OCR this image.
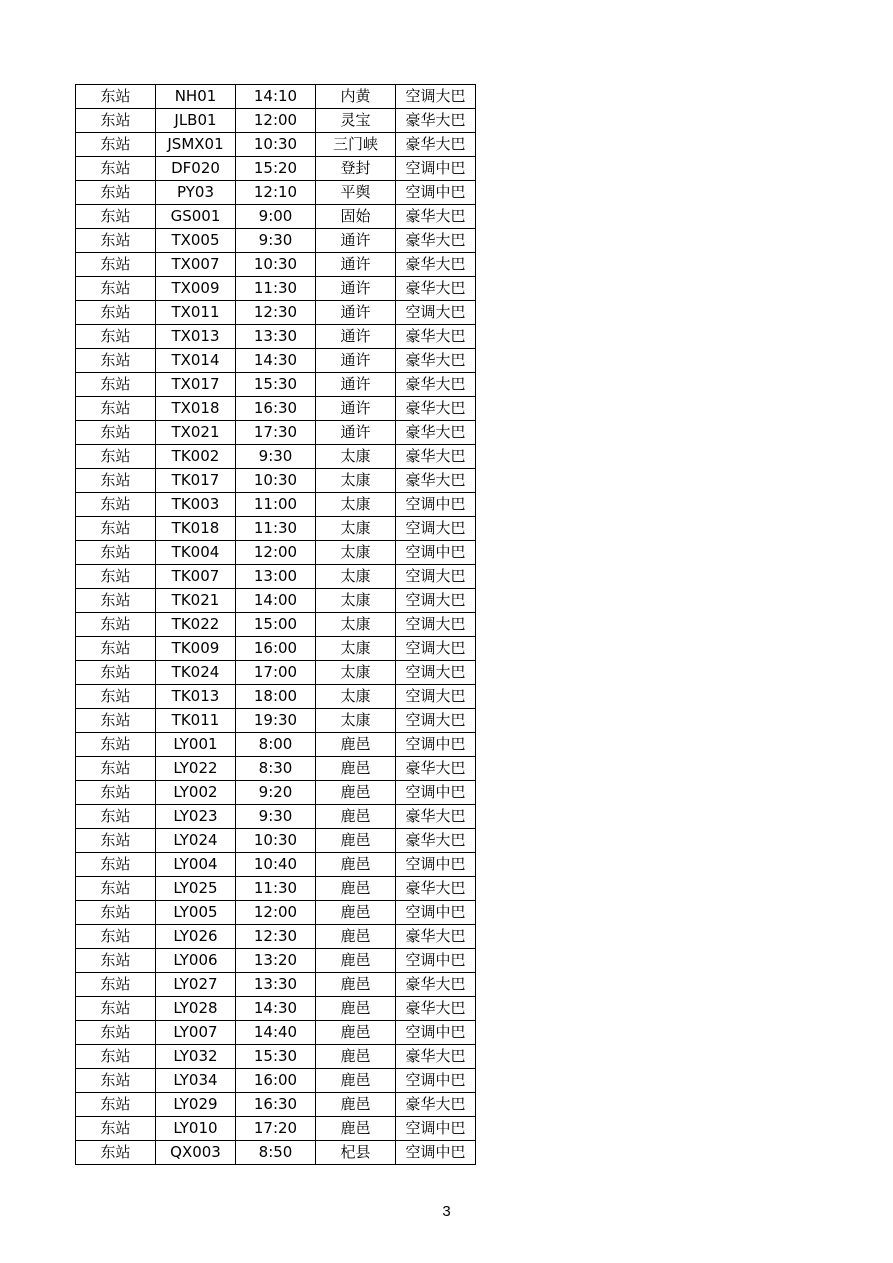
东站	NH01	14:10	内黄	空调大巴
东站	JLB01	12:00	灵宝	豪华大巴
东站	JSMX01	10:30	三门峡	豪华大巴
东站	DF020	15:20	登封	空调中巴
东站	PY03	12:10	平舆	空调中巴
东站	GS001	9:00	固始	豪华大巴
东站	TX005	9:30	通许	豪华大巴
东站	TX007	10:30	通许	豪华大巴
东站	TX009	11:30	通许	豪华大巴
东站	TX011	12:30	通许	空调大巴
东站	TX013	13:30	通许	豪华大巴
东站	TX014	14:30	通许	豪华大巴
东站	TX017	15:30	通许	豪华大巴
东站	TX018	16:30	通许	豪华大巴
东站	TX021	17:30	通许	豪华大巴
东站	TK002	9:30	太康	豪华大巴
东站	TK017	10:30	太康	豪华大巴
东站	TK003	11:00	太康	空调中巴
东站	TK018	11:30	太康	空调大巴
东站	TK004	12:00	太康	空调中巴
东站	TK007	13:00	太康	空调大巴
东站	TK021	14:00	太康	空调大巴
东站	TK022	15:00	太康	空调大巴
东站	TK009	16:00	太康	空调大巴
东站	TK024	17:00	太康	空调大巴
东站	TK013	18:00	太康	空调大巴
东站	TK011	19:30	太康	空调大巴
东站	LY001	8:00	鹿邑	空调中巴
东站	LY022	8:30	鹿邑	豪华大巴
东站	LY002	9:20	鹿邑	空调中巴
东站	LY023	9:30	鹿邑	豪华大巴
东站	LY024	10:30	鹿邑	豪华大巴
东站	LY004	10:40	鹿邑	空调中巴
东站	LY025	11:30	鹿邑	豪华大巴
东站	LY005	12:00	鹿邑	空调中巴
东站	LY026	12:30	鹿邑	豪华大巴
东站	LY006	13:20	鹿邑	空调中巴
东站	LY027	13:30	鹿邑	豪华大巴
东站	LY028	14:30	鹿邑	豪华大巴
东站	LY007	14:40	鹿邑	空调中巴
东站	LY032	15:30	鹿邑	豪华大巴
东站	LY034	16:00	鹿邑	空调中巴
东站	LY029	16:30	鹿邑	豪华大巴
东站	LY010	17:20	鹿邑	空调中巴
东站	QX003	8:50	杞县	空调中巴
3
